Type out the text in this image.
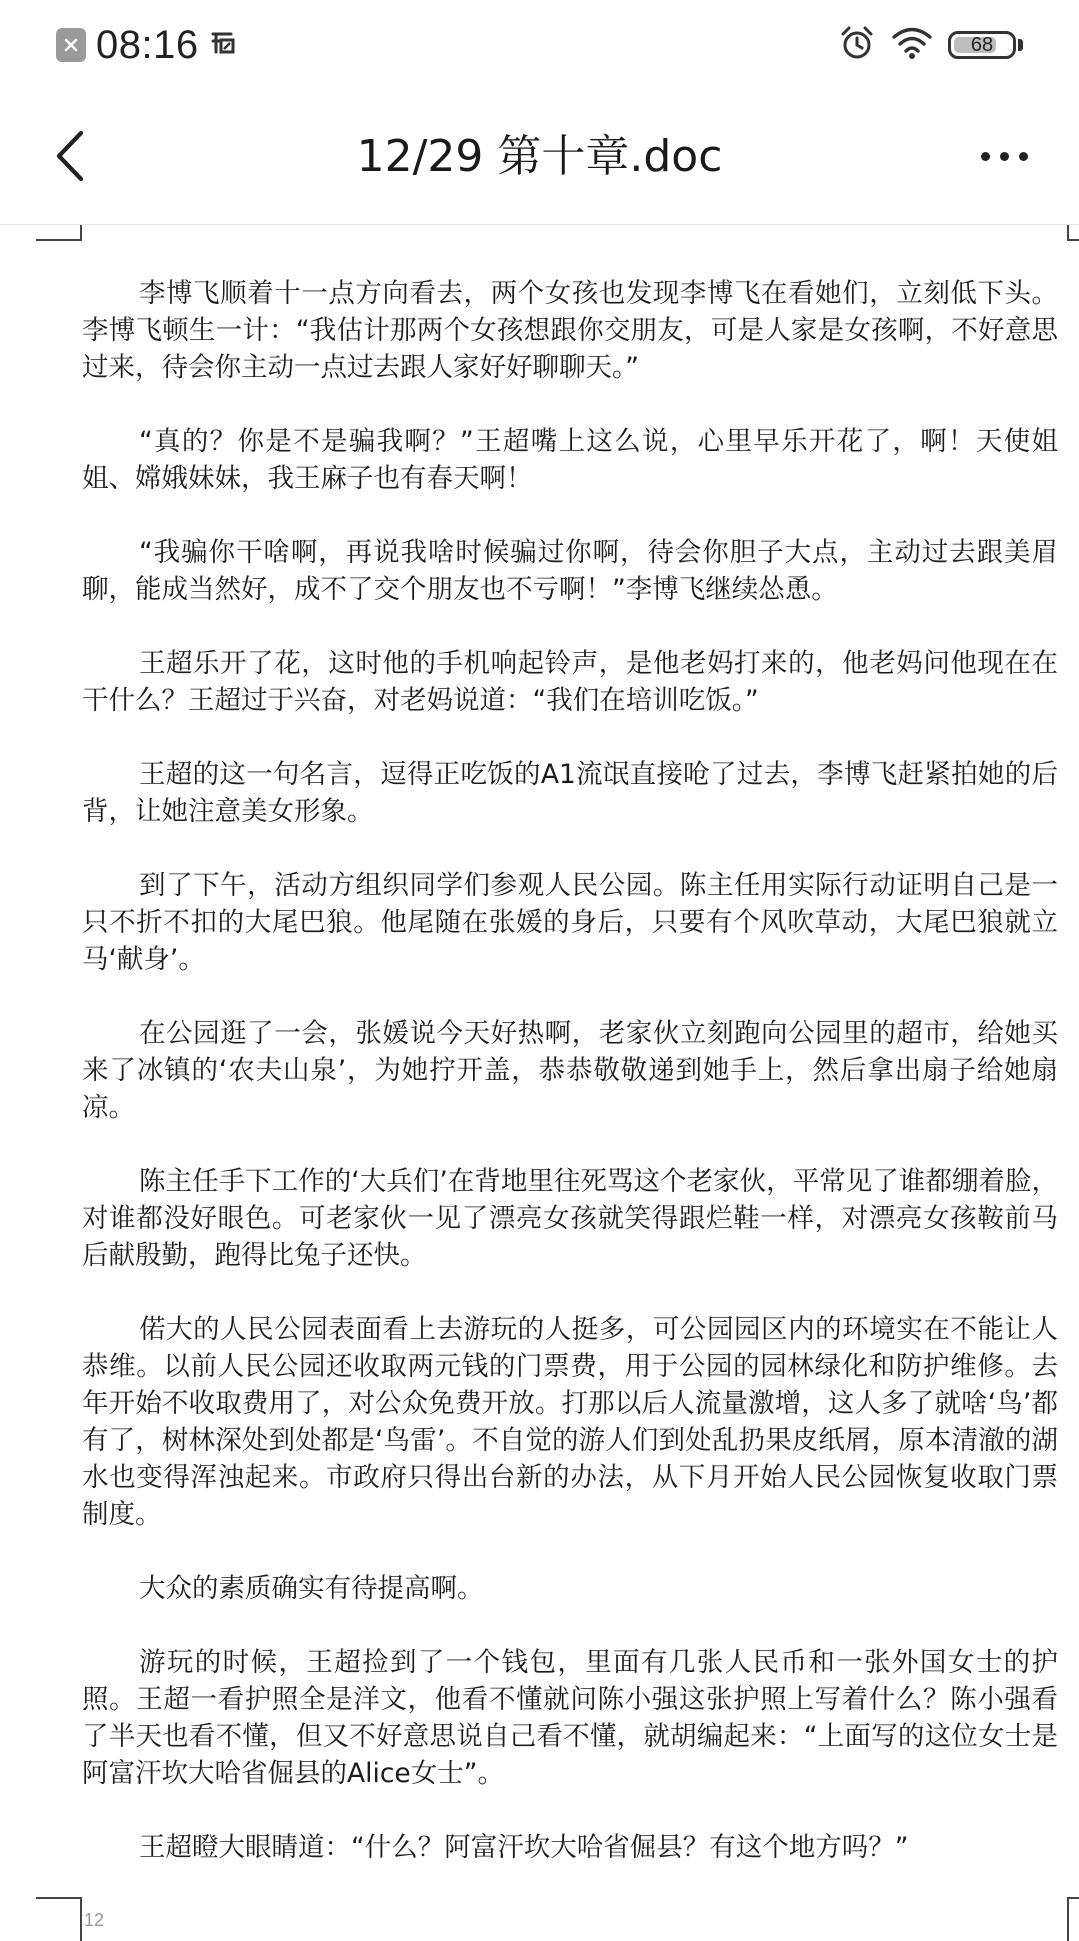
08:16	68
12/29 第十章.doc

李博飞顺着十一点方向看去，两个女孩也发现李博飞在看她们，立刻低下头。李博飞顿生一计：“我估计那两个女孩想跟你交朋友，可是人家是女孩啊，不好意思过来，待会你主动一点过去跟人家好好聊聊天。”

“真的？你是不是骗我啊？”王超嘴上这么说，心里早乐开花了，啊！天使姐姐、嫦娥妹妹，我王麻子也有春天啊！

“我骗你干啥啊，再说我啥时候骗过你啊，待会你胆子大点，主动过去跟美眉聊，能成当然好，成不了交个朋友也不亏啊！”李博飞继续怂恿。

王超乐开了花，这时他的手机响起铃声，是他老妈打来的，他老妈问他现在在干什么？王超过于兴奋，对老妈说道：“我们在培训吃饭。”

王超的这一句名言，逗得正吃饭的A1流氓直接呛了过去，李博飞赶紧拍她的后背，让她注意美女形象。

到了下午，活动方组织同学们参观人民公园。陈主任用实际行动证明自己是一只不折不扣的大尾巴狼。他尾随在张媛的身后，只要有个风吹草动，大尾巴狼就立马‘献身’。

在公园逛了一会，张媛说今天好热啊，老家伙立刻跑向公园里的超市，给她买来了冰镇的‘农夫山泉’，为她拧开盖，恭恭敬敬递到她手上，然后拿出扇子给她扇凉。

陈主任手下工作的‘大兵们’在背地里往死骂这个老家伙，平常见了谁都绷着脸，对谁都没好眼色。可老家伙一见了漂亮女孩就笑得跟烂鞋一样，对漂亮女孩鞍前马后献殷勤，跑得比兔子还快。

偌大的人民公园表面看上去游玩的人挺多，可公园园区内的环境实在不能让人恭维。以前人民公园还收取两元钱的门票费，用于公园的园林绿化和防护维修。去年开始不收取费用了，对公众免费开放。打那以后人流量激增，这人多了就啥‘鸟’都有了，树林深处到处都是‘鸟雷’。不自觉的游人们到处乱扔果皮纸屑，原本清澈的湖水也变得浑浊起来。市政府只得出台新的办法，从下月开始人民公园恢复收取门票制度。

大众的素质确实有待提高啊。

游玩的时候，王超捡到了一个钱包，里面有几张人民币和一张外国女士的护照。王超一看护照全是洋文，他看不懂就问陈小强这张护照上写着什么？陈小强看了半天也看不懂，但又不好意思说自己看不懂，就胡编起来：“上面写的这位女士是阿富汗坎大哈省倔县的Alice女士”。

王超瞪大眼睛道：“什么？阿富汗坎大哈省倔县？有这个地方吗？”

12
